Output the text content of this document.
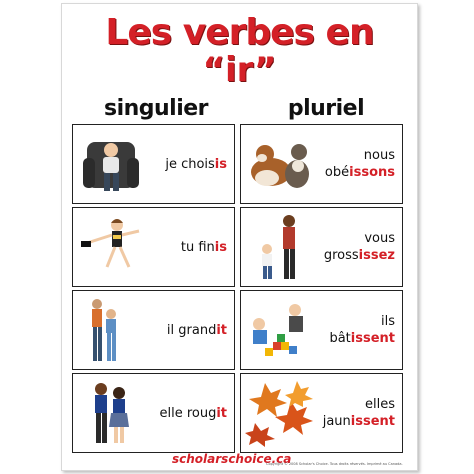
Les verbes en
“ir”
singulier	pluriel
je choisis
nous
obéissons
tu finis
vous
grossissez
il grandit
ils
bâtissent
elle rougit
elles
jaunissent
scholarschoice.ca
Copyright © 2008 Scholar's Choice. Tous droits réservés. Imprimé au Canada.
